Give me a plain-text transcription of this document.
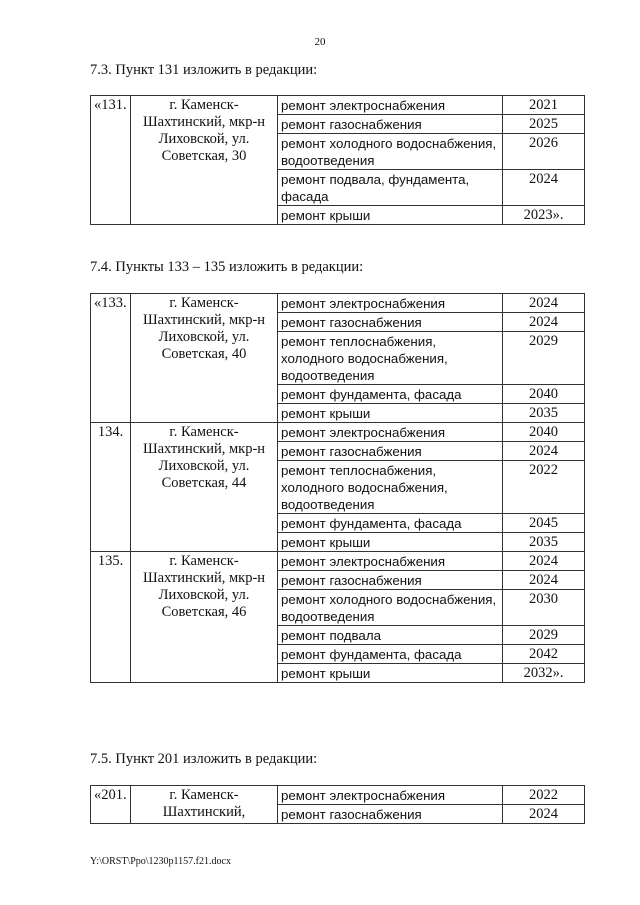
20
7.3. Пункт 131 изложить в редакции:
«131.	г. Каменск-Шахтинский, мкр-н Лиховской, ул. Советская, 30	ремонт электроснабжения	2021
		ремонт газоснабжения	2025
		ремонт холодного водоснабжения, водоотведения	2026
		ремонт подвала, фундамента, фасада	2024
		ремонт крыши	2023».
7.4. Пункты 133 – 135 изложить в редакции:
«133.	г. Каменск-Шахтинский, мкр-н Лиховской, ул. Советская, 40	ремонт электроснабжения	2024
		ремонт газоснабжения	2024
		ремонт теплоснабжения, холодного водоснабжения, водоотведения	2029
		ремонт фундамента, фасада	2040
		ремонт крыши	2035
134.	г. Каменск-Шахтинский, мкр-н Лиховской, ул. Советская, 44	ремонт электроснабжения	2040
		ремонт газоснабжения	2024
		ремонт теплоснабжения, холодного водоснабжения, водоотведения	2022
		ремонт фундамента, фасада	2045
		ремонт крыши	2035
135.	г. Каменск-Шахтинский, мкр-н Лиховской, ул. Советская, 46	ремонт электроснабжения	2024
		ремонт газоснабжения	2024
		ремонт холодного водоснабжения, водоотведения	2030
		ремонт подвала	2029
		ремонт фундамента, фасада	2042
		ремонт крыши	2032».
7.5. Пункт 201 изложить в редакции:
«201.	г. Каменск-Шахтинский,	ремонт электроснабжения	2022
		ремонт газоснабжения	2024
Y:\ORST\Ppo\1230p1157.f21.docx
